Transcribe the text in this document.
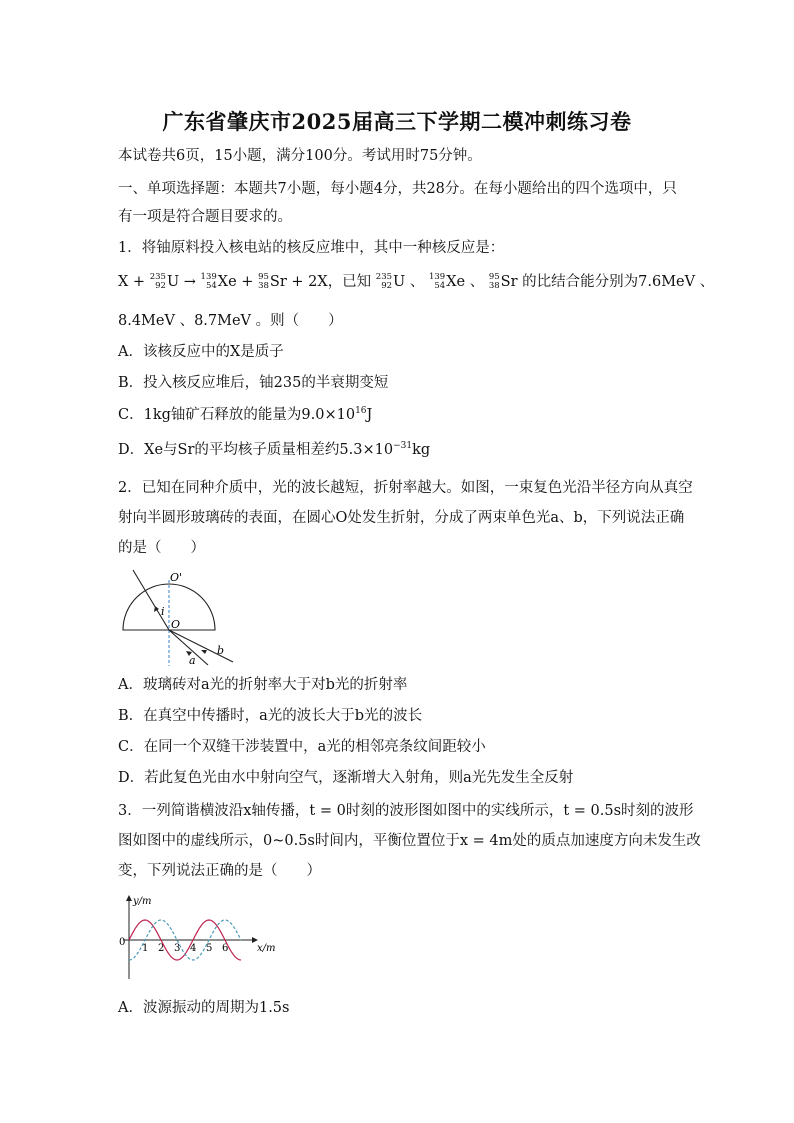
广东省肇庆市2025届高三下学期二模冲刺练习卷
本试卷共6页，15小题，满分100分。考试用时75分钟。
一、单项选择题：本题共7小题，每小题4分，共28分。在每小题给出的四个选项中，只
有一项是符合题目要求的。
1．将铀原料投入核电站的核反应堆中，其中一种核反应是：
X + 235
92 U → 139
54 Xe + 95
38 Sr + 2X，已知 235
92 U 、 139
54 Xe 、 95
38 Sr 的比结合能分别为7.6MeV 、
8.4MeV 、8.7MeV 。则（　　）
A．该核反应中的X是质子
B．投入核反应堆后，铀235的半衰期变短
C．1kg铀矿石释放的能量为$9.0\times 10^{16}J$
D．Xe与Sr的平均核子质量相差约$5.3\times 10^{-31}kg$
2．已知在同种介质中，光的波长越短，折射率越大。如图，一束复色光沿半径方向从真空
射向半圆形玻璃砖的表面，在圆心O处发生折射，分成了两束单色光a、b，下列说法正确
的是（　　）
O'
i
O
a
b
A．玻璃砖对a光的折射率大于对b光的折射率
B．在真空中传播时，a光的波长大于b光的波长
C．在同一个双缝干涉装置中，a光的相邻亮条纹间距较小
D．若此复色光由水中射向空气，逐渐增大入射角，则a光先发生全反射
3．一列简谐横波沿x轴传播，t = 0时刻的波形图如图中的实线所示，t = 0.5s时刻的波形
图如图中的虚线所示，0~0.5s时间内，平衡位置位于x = 4m处的质点加速度方向未发生改
变，下列说法正确的是（　　）
y/m
x/m
0
1 2 3 4 5 6
A．波源振动的周期为1.5s
